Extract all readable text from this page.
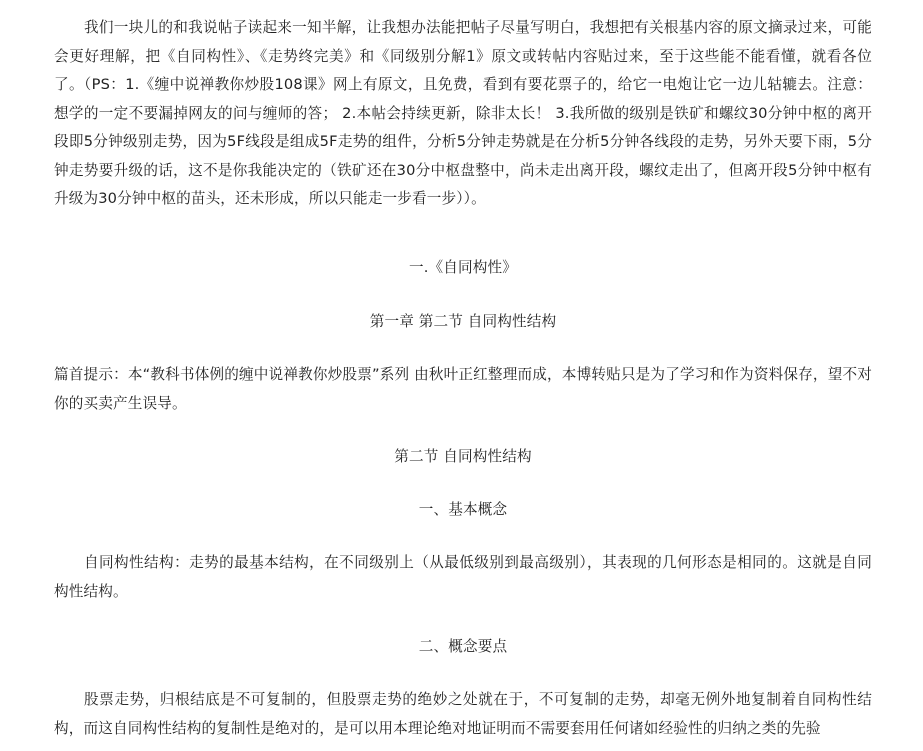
我们一块儿的和我说帖子读起来一知半解，让我想办法能把帖子尽量写明白，我想把有关根基内容的原文摘录过来，可能会更好理解，把《自同构性》、《走势终完美》和《同级别分解1》原文或转帖内容贴过来，至于这些能不能看懂，就看各位了。（PS：1.《缠中说禅教你炒股108课》网上有原文，且免费，看到有要花票子的，给它一电炮让它一边儿轱辘去。注意：想学的一定不要漏掉网友的问与缠师的答； 2.本帖会持续更新，除非太长！ 3.我所做的级别是铁矿和螺纹30分钟中枢的离开段即5分钟级别走势，因为5F线段是组成5F走势的组件，分析5分钟走势就是在分析5分钟各线段的走势，另外天要下雨，5分钟走势要升级的话，这不是你我能决定的（铁矿还在30分中枢盘整中，尚未走出离开段，螺纹走出了，但离开段5分钟中枢有升级为30分钟中枢的苗头，还未形成，所以只能走一步看一步））。

一.《自同构性》

第一章 第二节 自同构性结构

篇首提示：本“教科书体例的缠中说禅教你炒股票”系列 由秋叶正红整理而成，本博转贴只是为了学习和作为资料保存，望不对你的买卖产生误导。

第二节 自同构性结构

一、基本概念

自同构性结构：走势的最基本结构，在不同级别上（从最低级别到最高级别），其表现的几何形态是相同的。这就是自同构性结构。

二、概念要点

股票走势，归根结底是不可复制的，但股票走势的绝妙之处就在于，不可复制的走势，却毫无例外地复制着自同构性结构，而这自同构性结构的复制性是绝对的，是可以用本理论绝对地证明而不需要套用任何诸如经验性的归纳之类的先验
